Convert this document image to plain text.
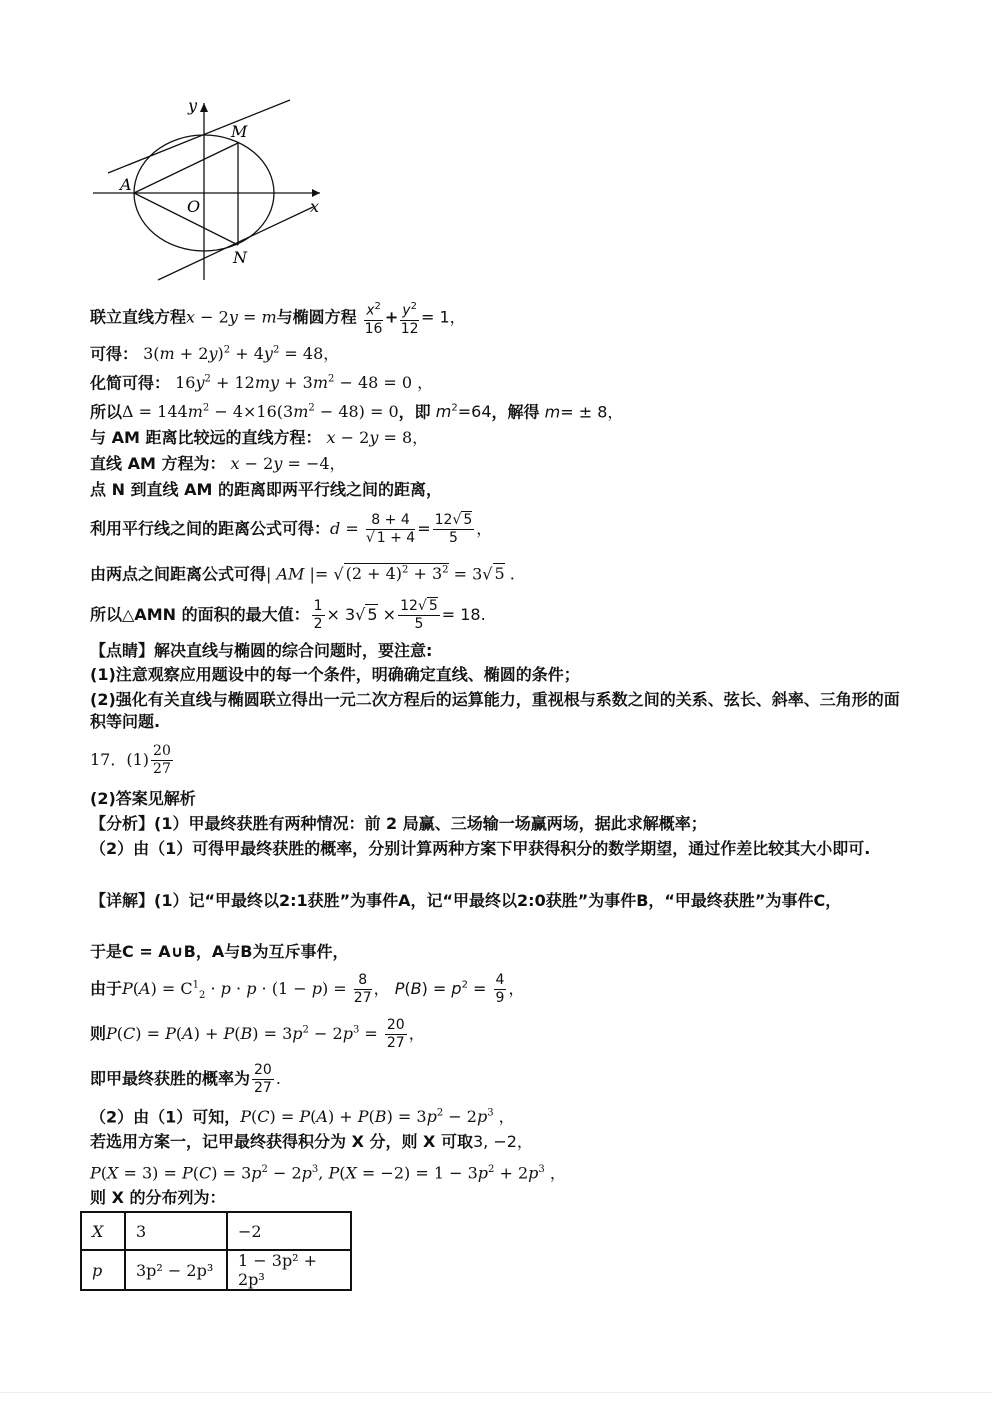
y
x
O
A
M
N
联立直线方程x − 2y = m与椭圆方程 $\frac{x^2}{16} + \frac{y^2}{12} = 1$，
可得： $3(m + 2y)^2 + 4y^2 = 48$，
化简可得： $16y^2 + 12my + 3m^2 - 48 = 0$ ，
所以$\Delta = 144m^2 - 4\times 16(3m^2 - 48) = 0$，即 $m^2=64$，解得 m= ± 8，
与 AM 距离比较远的直线方程： x − 2y = 8，
直线 AM 方程为： x − 2y = −4，
点 N 到直线 AM 的距离即两平行线之间的距离，
利用平行线之间的距离公式可得：$d = \frac{8 + 4}{√ 1 + 4} = \frac{12√ 5}{5}$ ，
由两点之间距离公式可得| AM |= √ $(2 + 4)^2 + 3^2 = 3√$ 5 .
所以△AMN 的面积的最大值： $\frac{1}{2} \times 3√$ $5 \times \frac{12√ 5}{5} = 18$.
【点睛】解决直线与椭圆的综合问题时，要注意:
(1)注意观察应用题设中的每一个条件，明确确定直线、椭圆的条件；
(2)强化有关直线与椭圆联立得出一元二次方程后的运算能力，重视根与系数之间的关系、弦长、斜率、三角形的面积等问题.
17．$(1) \frac{20}{27}$
(2)答案见解析
【分析】(1）甲最终获胜有两种情况：前 2 局赢、三场输一场赢两场，据此求解概率；
（2）由（1）可得甲最终获胜的概率，分别计算两种方案下甲获得积分的数学期望，通过作差比较其大小即可.
【详解】(1）记“甲最终以2:1获胜”为事件A，记“甲最终以2:0获胜”为事件B，“甲最终获胜”为事件C，
于是C = A∪B，A与B为互斥事件，
由于$P(A) = C^1_2 \cdot p \cdot p \cdot (1 - p) = \frac{8}{27}$ ， $P(B) = p^2 = \frac{4}{9}$ ，
则$P(C) = P(A) + P(B) = 3p^2 - 2p^3 = \frac{20}{27}$ ，
即甲最终获胜的概率为 $\frac{20}{27}$ .
（2）由（1）可知，$P(C) = P(A) + P(B) = 3p^2 - 2p^3$ ，
若选用方案一，记甲最终获得积分为 X 分，则 X 可取3, −2，
$P(X = 3) = P(C) = 3p^2 - 2p^3$, $P(X = -2) = 1 - 3p^2 + 2p^3$ ，
则 X 的分布列为：
X	3	−2
p	3p² − 2p³	1 − 3p² + 2p³
